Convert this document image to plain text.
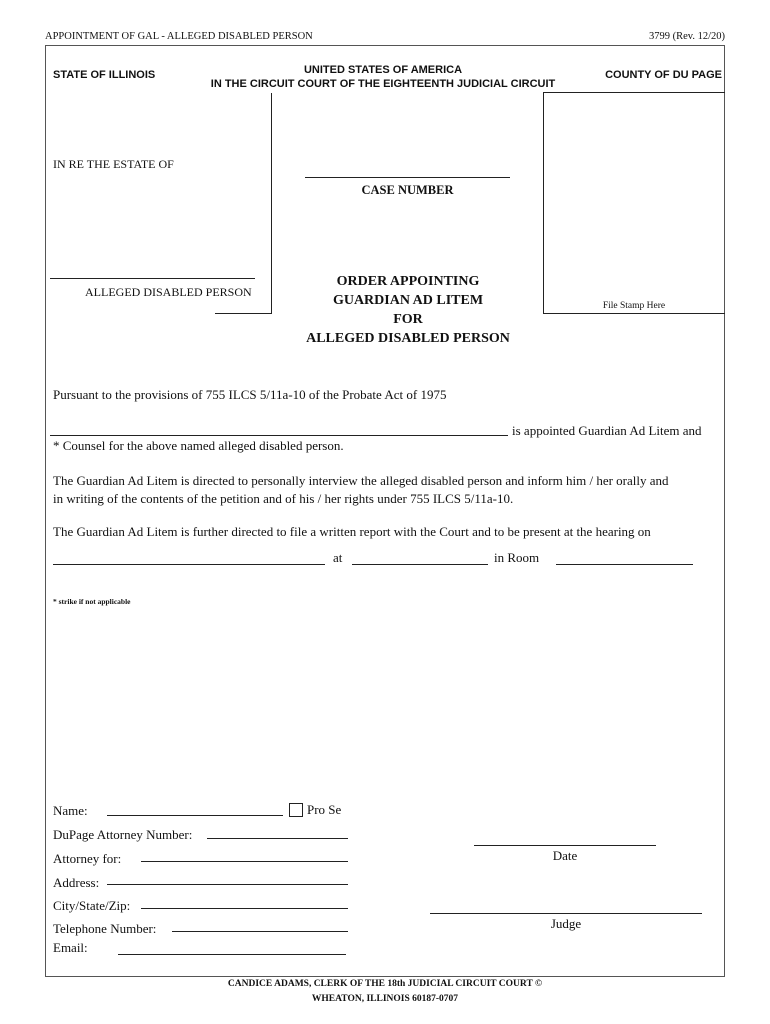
APPOINTMENT OF GAL - ALLEGED DISABLED PERSON	3799 (Rev. 12/20)
STATE OF ILLINOIS	UNITED STATES OF AMERICA
IN THE CIRCUIT COURT OF THE EIGHTEENTH JUDICIAL CIRCUIT
COUNTY OF DU PAGE
IN RE THE ESTATE OF
ALLEGED DISABLED PERSON
CASE NUMBER
File Stamp Here
ORDER APPOINTING
GUARDIAN AD LITEM
FOR
ALLEGED DISABLED PERSON
Pursuant to the provisions of 755 ILCS 5/11a-10 of the Probate Act of 1975
is appointed Guardian Ad Litem and
* Counsel for the above named alleged disabled person.
The Guardian Ad Litem is directed to personally interview the alleged disabled person and inform him / her orally and
in writing of the contents of the petition and of his / her rights under 755 ILCS 5/11a-10.
The Guardian Ad Litem is further directed to file a written report with the Court and to be present at the hearing on
at	in Room
* strike if not applicable
Name:	Pro Se
DuPage Attorney Number:
Attorney for:
Address:
City/State/Zip:
Telephone Number:
Email:
Date
Judge
CANDICE ADAMS, CLERK OF THE 18th JUDICIAL CIRCUIT COURT ©
WHEATON, ILLINOIS 60187-0707
